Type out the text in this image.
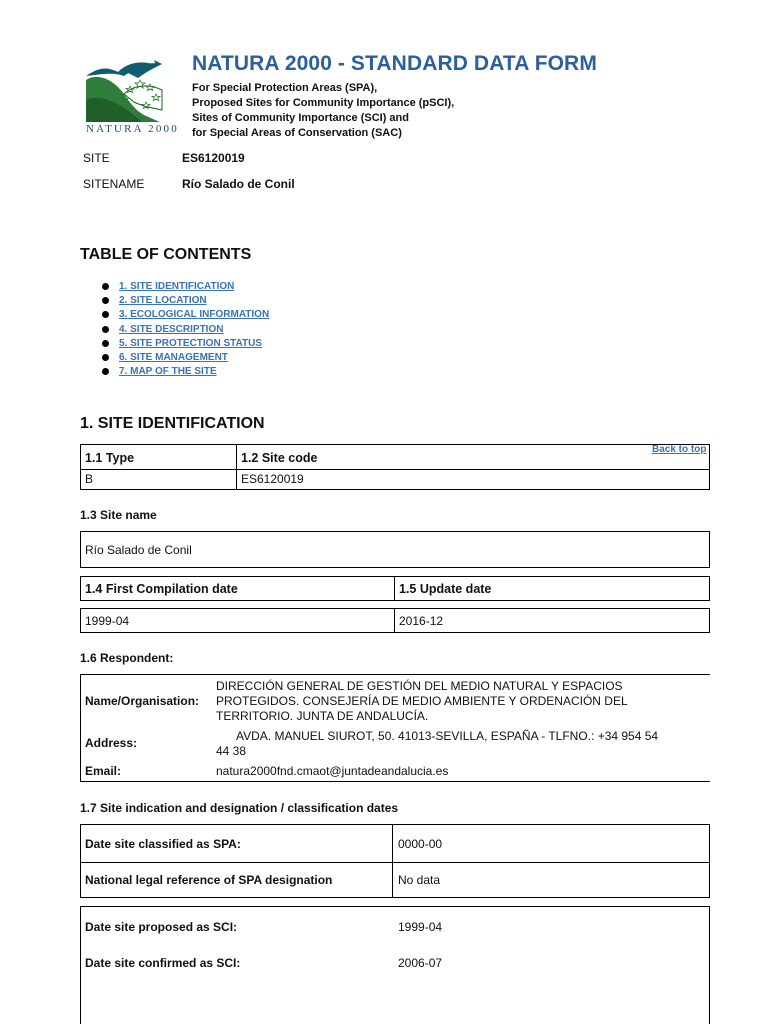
NATURA 2000
NATURA 2000 - STANDARD DATA FORM
For Special Protection Areas (SPA),
Proposed Sites for Community Importance (pSCI),
Sites of Community Importance (SCI) and
for Special Areas of Conservation (SAC)
SITE	ES6120019
SITENAME	Río Salado de Conil
TABLE OF CONTENTS
1. SITE IDENTIFICATION
2. SITE LOCATION
3. ECOLOGICAL INFORMATION
4. SITE DESCRIPTION
5. SITE PROTECTION STATUS
6. SITE MANAGEMENT
7. MAP OF THE SITE
1. SITE IDENTIFICATION
Back to top
1.1 Type	1.2 Site code
B	ES6120019
1.3 Site name
Río Salado de Conil
1.4 First Compilation date	1.5 Update date
1999-04	2016-12
1.6 Respondent:
Name/Organisation:
DIRECCIÓN GENERAL DE GESTIÓN DEL MEDIO NATURAL Y ESPACIOS
PROTEGIDOS. CONSEJERÍA DE MEDIO AMBIENTE Y ORDENACIÓN DEL
TERRITORIO. JUNTA DE ANDALUCÍA.
Address:	AVDA. MANUEL SIUROT, 50. 41013-SEVILLA, ESPAÑA - TLFNO.: +34 954 54
44 38
Email:	natura2000fnd.cmaot@juntadeandalucia.es
1.7 Site indication and designation / classification dates
Date site classified as SPA:	0000-00
National legal reference of SPA designation	No data
Date site proposed as SCI:	1999-04
Date site confirmed as SCI:	2006-07
